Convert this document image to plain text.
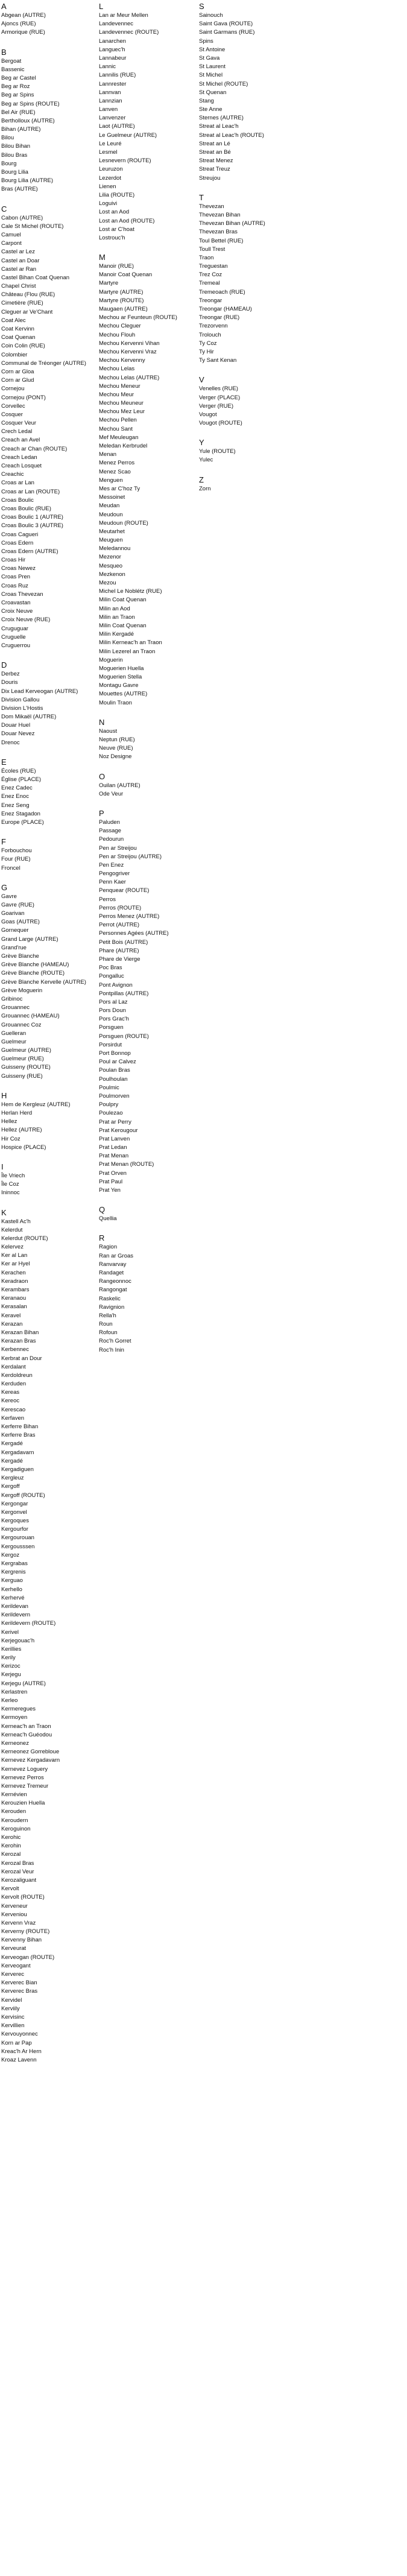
A
Abgean (AUTRE)
Ajoncs (RUE)
Armorique (RUE)
B
Bergoat
Bassenic
Beg ar Castel
Beg ar Roz
Beg ar Spins
Beg ar Spins (ROUTE)
Bel Air (RUE)
Bertholloux (AUTRE)
Bihan (AUTRE)
Bilou
Bilou Bihan
Bilou Bras
Bourg
Bourg Lilia
Bourg Lilia (AUTRE)
Bras (AUTRE)
C
Cabon (AUTRE)
Cale St Michel (ROUTE)
Camuel
Carpont
Castel ar Lez
Castel an Doar
Castel ar Ran
Castel Bihan Coat Quenan
Chapel Christ
Château (Flou (RUE)
Cimetière (RUE)
Cleguer ar Ve'Chant
Coat Alec
Coat Kervinn
Coat Quenan
Coin Colin (RUE)
Colombier
Communal de Tréonger (AUTRE)
Corn ar Gloa
Corn ar Glud
Cornejou
Cornejou (PONT)
Corvellec
Cosquer
Cosquer Veur
Crech Ledal
Creach an Avel
Creach ar Chan (ROUTE)
Creach Ledan
Creach Losquet
Creachic
Croas ar Lan
Croas ar Lan (ROUTE)
Croas Boulic
Croas Boulic (RUE)
Croas Boulic 1 (AUTRE)
Croas Boulic 3 (AUTRE)
Croas Cagueri
Croas Edern
Croas Edern (AUTRE)
Croas Hir
Croas Newez
Croas Pren
Croas Ruz
Croas Thevezan
Croavastan
Croix Neuve
Croix Neuve (RUE)
Cruguguar
Cruguelle
Cruguerrou
D
Derbez
Douris
Dix Lead Kerveogan (AUTRE)
Division Gallou
Division L'Hostis
Dom Mikaël (AUTRE)
Douar Huel
Douar Nevez
Drenoc
E
Écoles (RUE)
Église (PLACE)
Enez Cadec
Enez Enoc
Enez Seng
Enez Stagadon
Europe (PLACE)
F
Forbouchou
Four (RUE)
Froncel
G
Gavre
Gavre (RUE)
Goarivan
Goas (AUTRE)
Gornequer
Grand Large (AUTRE)
Grand'rue
Grève Blanche
Grève Blanche (HAMEAU)
Grève Blanche (ROUTE)
Grève Blanche Kervelle (AUTRE)
Grève Moguerin
Gribinoc
Grouannec
Grouannec (HAMEAU)
Grouannec Coz
Guelleran
Guelmeur
Guelmeur (AUTRE)
Guelmeur (RUE)
Guisseny (ROUTE)
Guisseny (RUE)
H
Hem de Kergleuz (AUTRE)
Herlan Herd
Hellez
Hellez (AUTRE)
Hir Coz
Hospice (PLACE)
I
Île Vriech
Île Coz
Ininnoc
K
Kastell Ac'h
Kelerdut
Kelerdut (ROUTE)
Kelervez
Ker al Lan
Ker ar Hyel
Kerachen
Keradraon
Kerambars
Keranaou
Kerasalan
Keravel
Kerazan
Kerazan Bihan
Kerazan Bras
Kerbennec
Kerbrat an Dour
Kerdalant
Kerdoldreun
Kerduden
Kereas
Kereoc
Kerescao
Kerfaven
Kerferre Bihan
Kerferre Bras
Kergadé
Kergadavarn
Kergadé
Kergadiguen
Kergleuz
Kergoff
Kergoff (ROUTE)
Kergongar
Kergonvel
Kergoques
Kergourfor
Kergourouan
Kergousssen
Kergoz
Kergrabas
Kergrenis
Kerguao
Kerhello
Kerhervé
Kerildevan
Kerildevern
Kerildevern (ROUTE)
Kerivel
Kerjegouac'h
Kerillies
Kerily
Kerizoc
Kerjegu
Kerjegu (AUTRE)
Kerlastren
Kerleo
Kermeregues
Kermoyen
Kerneac'h an Traon
Kerneac'h Guéodou
Kerneonez
Kerneonez Gorrebloue
Kernevez Kergadavarn
Kernevez Loguery
Kernevez Perros
Kernevez Tremeur
Kernévien
Kerouzien Huella
Kerouden
Keroudern
Keroguinon
Kerohic
Kerohin
Kerozal
Kerozal Bras
Kerozal Veur
Kerozaliguant
Kervolt
Kervolt (ROUTE)
Kerveneur
Kerveniou
Kervenn Vraz
Kerverny (ROUTE)
Kervenny Bihan
Kerveurat
Kerveogan (ROUTE)
Kerveogant
Kerverec
Kerverec Bian
Kerverec Bras
Kervidel
Kerviily
Kervisinc
Kervillien
Kervouyonnec
Korn ar Pap
Kreac'h Ar Hern
Kroaz Lavenn
L
Lan ar Meur Mellen
Landevennec
Landevennec (ROUTE)
Lanarchen
Languec'h
Lannabeur
Lannic
Lannilis (RUE)
Lannrester
Lannvan
Lannzian
Lanven
Lanvenzer
Laot (AUTRE)
Le Guelmeur (AUTRE)
Le Leuré
Lesmel
Lesnevern (ROUTE)
Leuruzon
Lezerdot
Lienen
Lilia (ROUTE)
Loguivi
Lost an Aod
Lost an Aod (ROUTE)
Lost ar C'hoat
Lostrouc'h
M
Manoir (RUE)
Manoir Coat Quenan
Martyre
Martyre (AUTRE)
Martyre (ROUTE)
Maugaen (AUTRE)
Mechou ar Feunteun (ROUTE)
Mechou Cleguer
Mechou Flouh
Mechou Kervenni Vihan
Mechou Kervenni Vraz
Mechou Kervenny
Mechou Lelas
Mechou Lelas (AUTRE)
Mechou Meneur
Mechou Meur
Mechou Meuneur
Mechou Mez Leur
Mechou Pellen
Mechou Sant
Mef Meuleugan
Meledan Kerbrudel
Menan
Menez Perros
Menez Scao
Menguen
Mes ar C'hoz Ty
Messoinet
Meudan
Meudoun
Meudoun (ROUTE)
Meutarhet
Meuguen
Meledannou
Mezenor
Mesqueo
Mezkenon
Mezou
Michel Le Noblétz (RUE)
Milin Coat Quenan
Milin an Aod
Milin an Traon
Milin Coat Quenan
Milin Kergadé
Milin Kerneac'h an Traon
Milin Lezerel an Traon
Moguerin
Moguerien Huella
Moguerien Stella
Montagu Gavre
Mouettes (AUTRE)
Moulin Traon
N
Naoust
Neptun (RUE)
Neuve (RUE)
Noz Designe
O
Ouilan (AUTRE)
Ode Veur
P
Paluden
Passage
Pedourun
Pen ar Streijou
Pen ar Streijou (AUTRE)
Pen Enez
Pengogriver
Penn Kaer
Penquear (ROUTE)
Perros
Perros (ROUTE)
Perros Menez (AUTRE)
Perrot (AUTRE)
Personnes Agées (AUTRE)
Petit Bois (AUTRE)
Phare (AUTRE)
Phare de Vierge
Poc Bras
Pongalluc
Pont Avignon
Pontpillas (AUTRE)
Pors al Laz
Pors Doun
Pors Grac'h
Porsguen
Porsguen (ROUTE)
Porsirdut
Port Bonnop
Poul ar Calvez
Poulan Bras
Poulhoulan
Poulmic
Poulmorven
Poulpry
Poulezao
Prat ar Perry
Prat Kerougour
Prat Lanven
Prat Ledan
Prat Menan
Prat Menan (ROUTE)
Prat Orven
Prat Paul
Prat Yen
Q
Quellia
R
Ragion
Ran ar Groas
Ranvarvay
Randaget
Rangeonnoc
Rangongat
Raskelic
Ravignion
Rella'h
Roun
Rofoun
Roc'h Gorret
Roc'h Inin
S
Sainouch
Saint Gava (ROUTE)
Saint Garmans (RUE)
Spins
St Antoine
St Gava
St Laurent
St Michel
St Michel (ROUTE)
St Quenan
Stang
Ste Anne
Sternes (AUTRE)
Streat al Leac'h
Streat al Leac'h (ROUTE)
Streat an Lé
Streat an Bé
Streat Menez
Streat Treuz
Streujou
T
Thevezan
Thevezan Bihan
Thevezan Bihan (AUTRE)
Thevezan Bras
Toul Bettel (RUE)
Toull Trest
Traon
Treguestan
Trez Coz
Tremeal
Tremeoach (RUE)
Treongar
Treongar (HAMEAU)
Treongar (RUE)
Trezorvenn
Trolouch
Ty Coz
Ty Hir
Ty Sant Kenan
V
Venelles (RUE)
Verger (PLACE)
Verger (RUE)
Vougot
Vougot (ROUTE)
Y
Yule (ROUTE)
Yulec
Z
Zorn
